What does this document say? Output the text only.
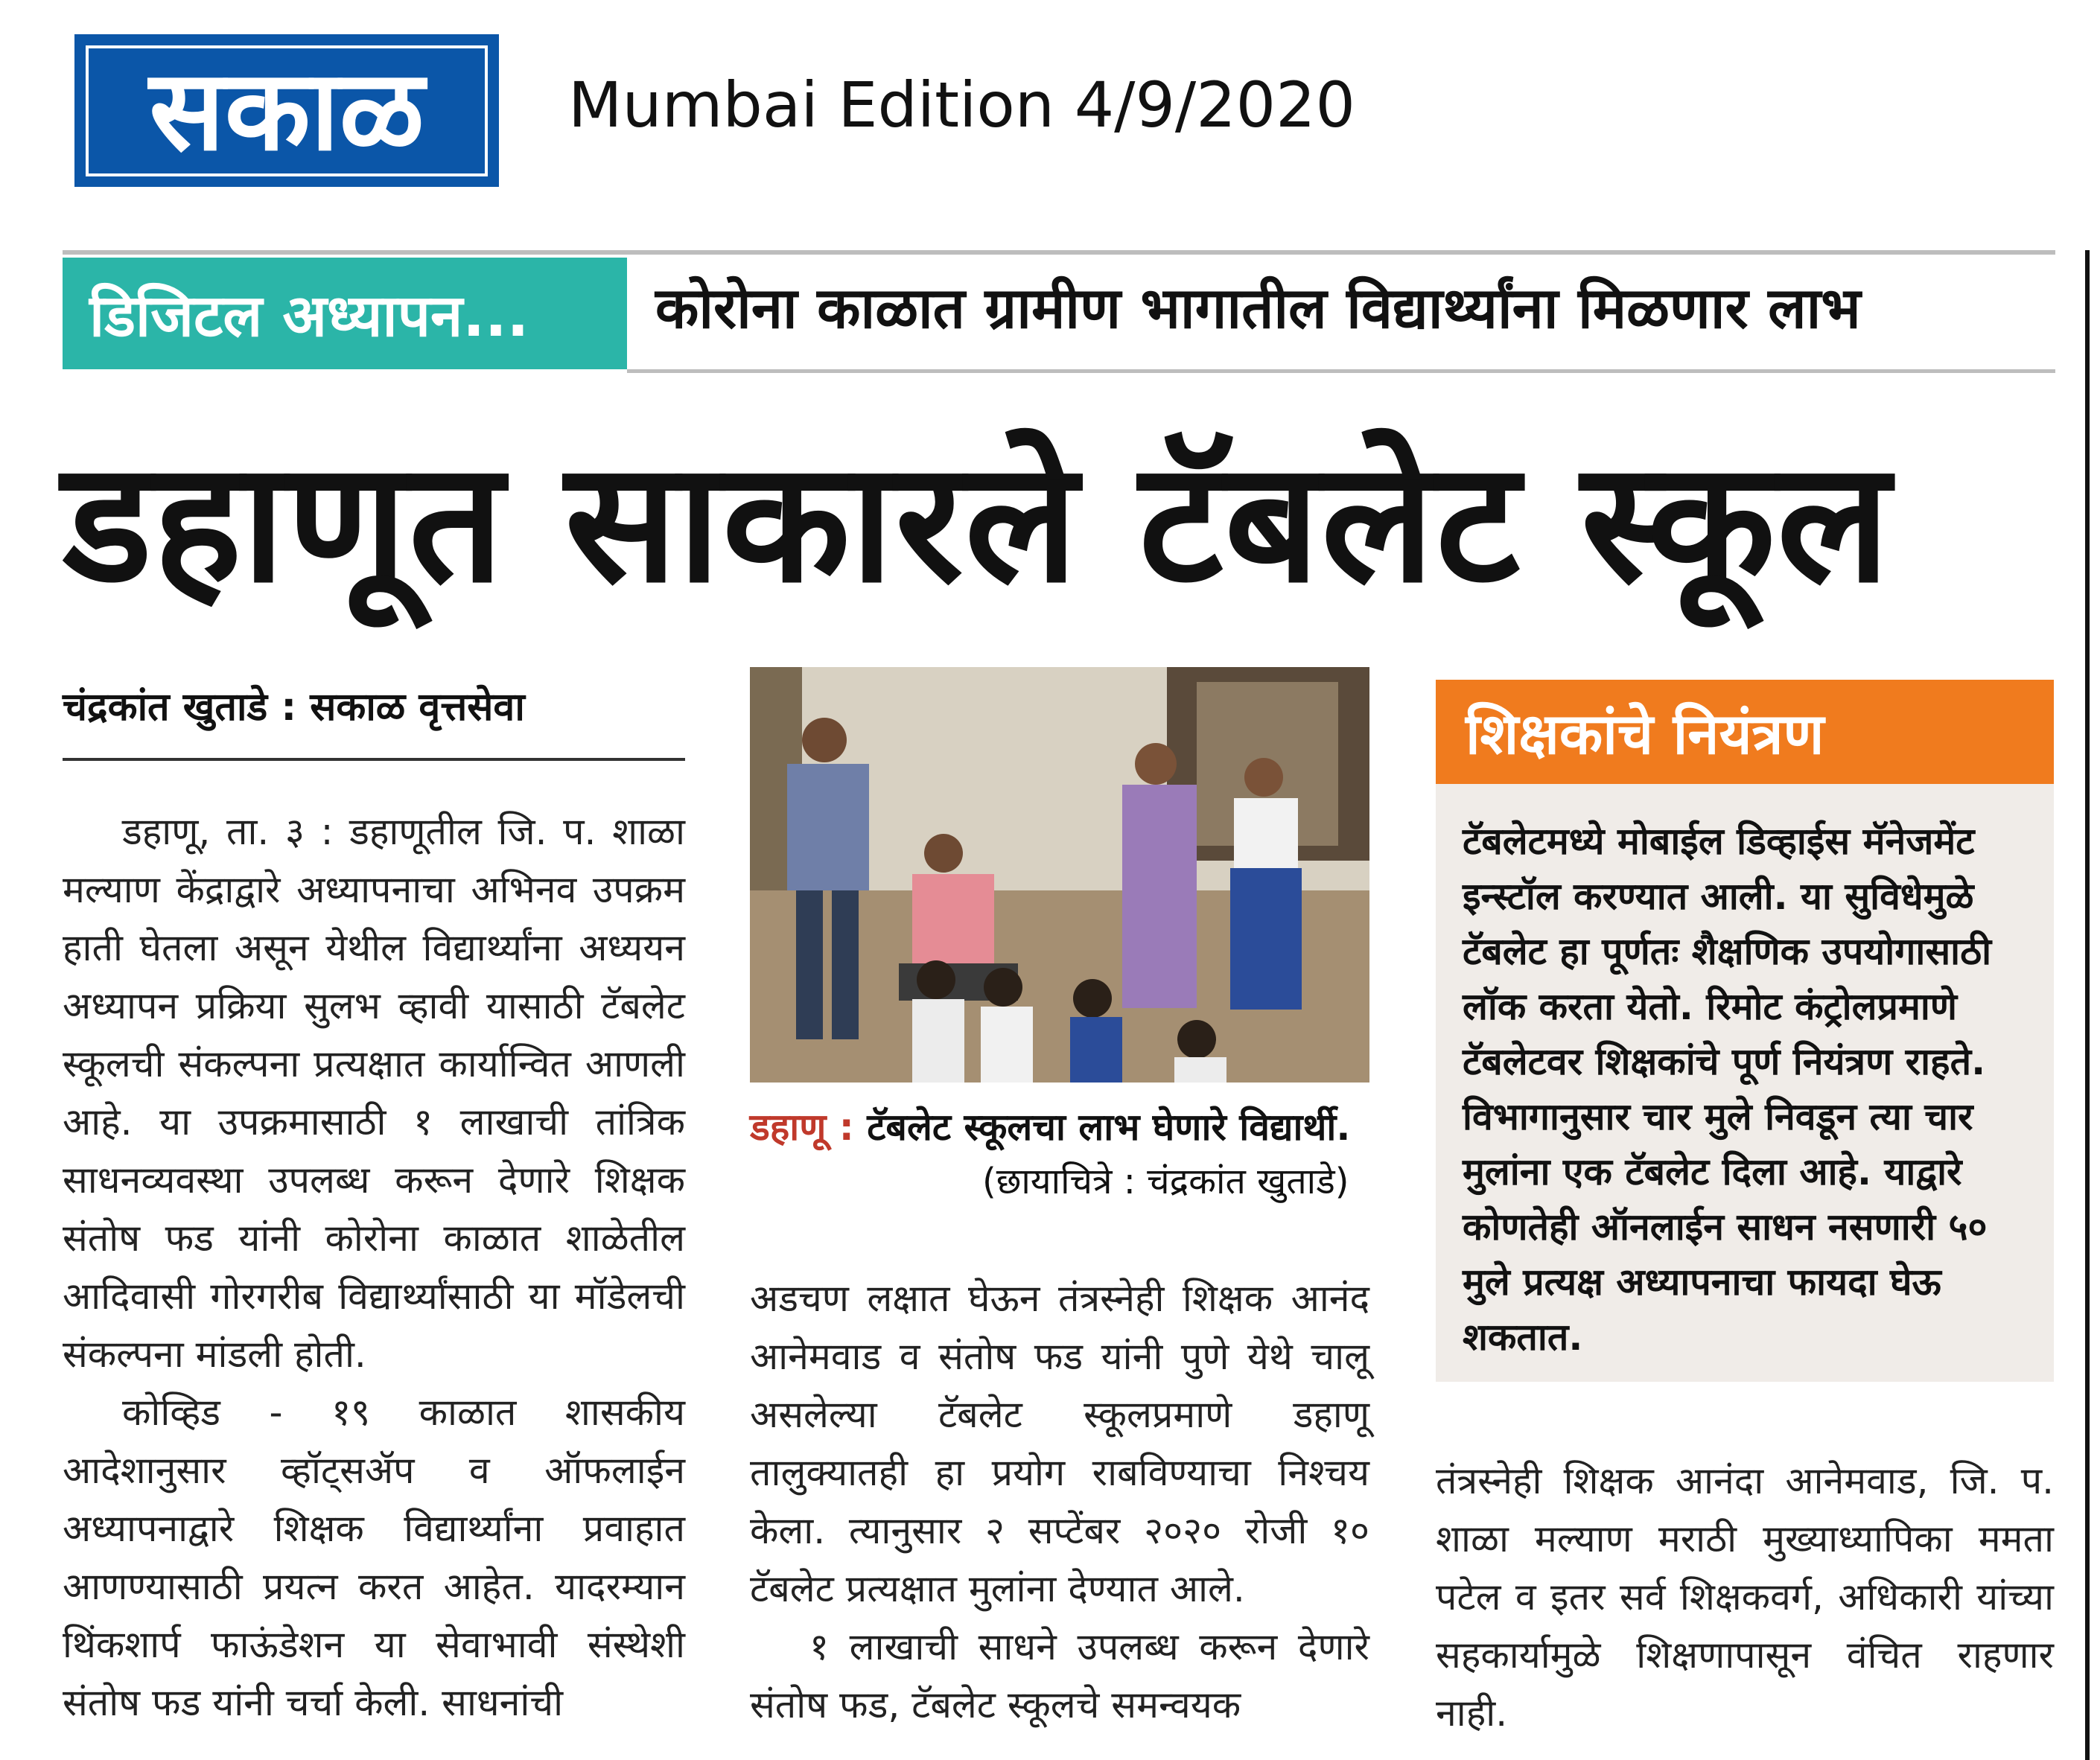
सकाळ Mumbai Edition 4/9/2020
डिजिटल अध्यापन... कोरोना काळात ग्रामीण भागातील विद्यार्थ्यांना मिळणार लाभ
डहाणूत साकारले टॅबलेट स्कूल
चंद्रकांत खुताडे : सकाळ वृत्तसेवा

डहाणू, ता. ३ : डहाणूतील जि. प. शाळा मल्याण केंद्राद्वारे अध्यापनाचा अभिनव उपक्रम हाती घेतला असून येथील विद्यार्थ्यांना अध्ययन अध्यापन प्रक्रिया सुलभ व्हावी यासाठी टॅबलेट स्कूलची संकल्पना प्रत्यक्षात कार्यान्वित आणली आहे. या उपक्रमासाठी १ लाखाची तांत्रिक साधनव्यवस्था उपलब्ध करून देणारे शिक्षक संतोष फड यांनी कोरोना काळात शाळेतील आदिवासी गोरगरीब विद्यार्थ्यांसाठी या मॉडेलची संकल्पना मांडली होती.

कोव्हिड - १९ काळात शासकीय आदेशानुसार व्हॉट्सॲप व ऑफलाईन अध्यापनाद्वारे शिक्षक विद्यार्थ्यांना प्रवाहात आणण्यासाठी प्रयत्न करत आहेत. यादरम्यान थिंकशार्प फाऊंडेशन या सेवाभावी संस्थेशी संतोष फड यांनी चर्चा केली. साधनांची

डहाणू : टॅबलेट स्कूलचा लाभ घेणारे विद्यार्थी.
(छायाचित्रे : चंद्रकांत खुताडे)

अडचण लक्षात घेऊन तंत्रस्नेही शिक्षक आनंद आनेमवाड व संतोष फड यांनी पुणे येथे चालू असलेल्या टॅबलेट स्कूलप्रमाणे डहाणू तालुक्यातही हा प्रयोग राबविण्याचा निश्चय केला. त्यानुसार २ सप्टेंबर २०२० रोजी १० टॅबलेट प्रत्यक्षात मुलांना देण्यात आले.

१ लाखाची साधने उपलब्ध करून देणारे संतोष फड, टॅबलेट स्कूलचे समन्वयक

शिक्षकांचे नियंत्रण
टॅबलेटमध्ये मोबाईल डिव्हाईस मॅनेजमेंट इन्स्टॉल करण्यात आली. या सुविधेमुळे टॅबलेट हा पूर्णतः शैक्षणिक उपयोगासाठी लॉक करता येतो. रिमोट कंट्रोलप्रमाणे टॅबलेटवर शिक्षकांचे पूर्ण नियंत्रण राहते. विभागानुसार चार मुले निवडून त्या चार मुलांना एक टॅबलेट दिला आहे. याद्वारे कोणतेही ऑनलाईन साधन नसणारी ५० मुले प्रत्यक्ष अध्यापनाचा फायदा घेऊ शकतात.

तंत्रस्नेही शिक्षक आनंदा आनेमवाड, जि. प. शाळा मल्याण मराठी मुख्याध्यापिका ममता पटेल व इतर सर्व शिक्षकवर्ग, अधिकारी यांच्या सहकार्यामुळे शिक्षणापासून वंचित राहणार नाही.
